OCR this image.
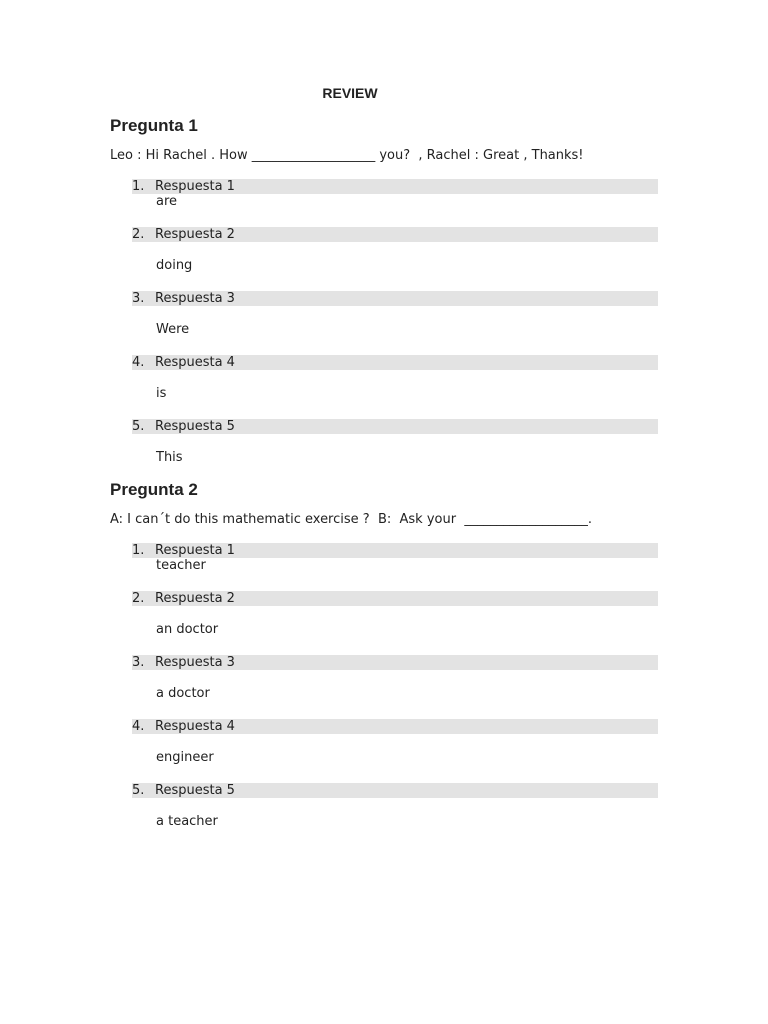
REVIEW
Pregunta 1
Leo : Hi Rachel . How ___________________ you?  , Rachel : Great , Thanks!
1. Respuesta 1
are
2. Respuesta 2
doing
3. Respuesta 3
Were
4. Respuesta 4
is
5. Respuesta 5
This
Pregunta 2
A: I can´t do this mathematic exercise ?  B:  Ask your  ___________________.
1. Respuesta 1
teacher
2. Respuesta 2
an doctor
3. Respuesta 3
a doctor
4. Respuesta 4
engineer
5. Respuesta 5
a teacher
